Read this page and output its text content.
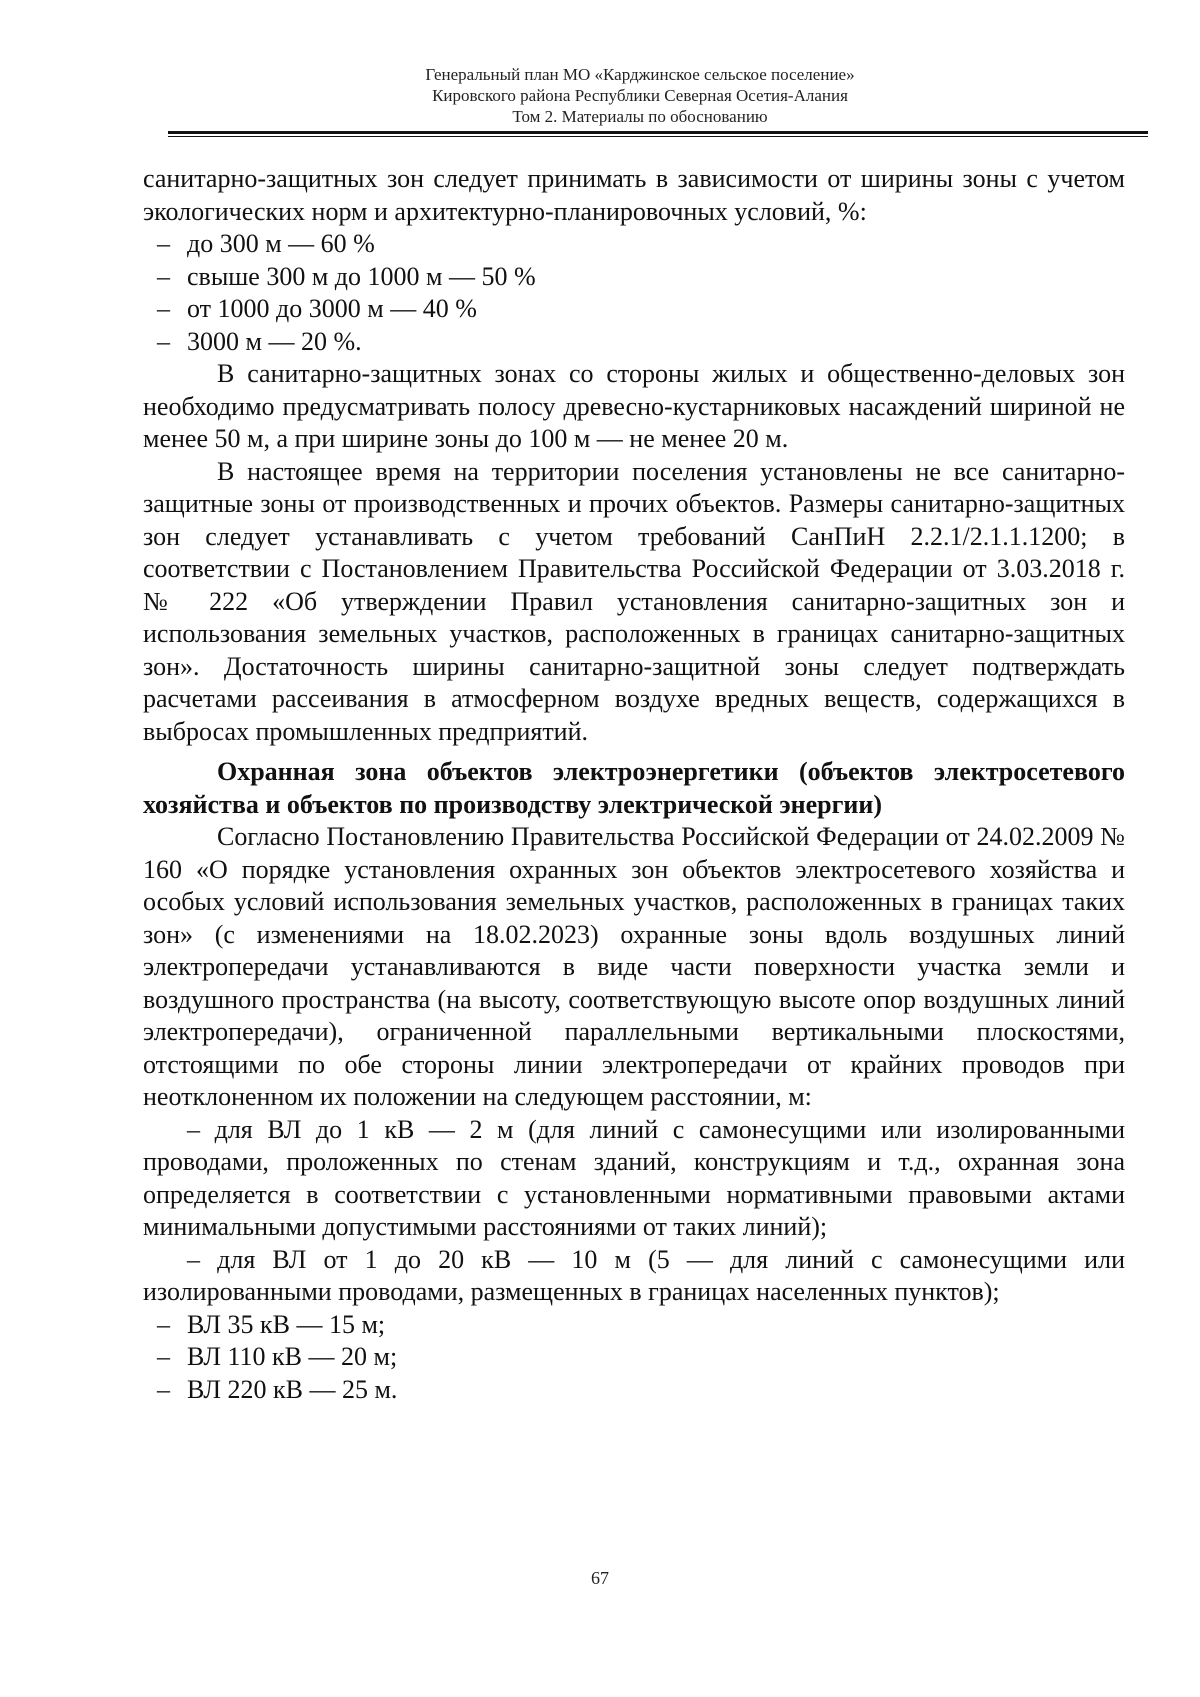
Генеральный план МО «Карджинское сельское поселение»
Кировского района Республики Северная Осетия-Алания
Том 2. Материалы по обоснованию

санитарно-защитных зон следует принимать в зависимости от ширины зоны с учетом экологических норм и архитектурно-планировочных условий, %:

– до 300 м — 60 %
– свыше 300 м до 1000 м — 50 %
– от 1000 до 3000 м — 40 %
– 3000 м — 20 %.

В санитарно-защитных зонах со стороны жилых и общественно-деловых зон необходимо предусматривать полосу древесно-кустарниковых насаждений шириной не менее 50 м, а при ширине зоны до 100 м — не менее 20 м.

В настоящее время на территории поселения установлены не все санитарно-защитные зоны от производственных и прочих объектов. Размеры санитарно-защитных зон следует устанавливать с учетом требований СанПиН 2.2.1/2.1.1.1200; в соответствии с Постановлением Правительства Российской Федерации от 3.03.2018 г. № 222 «Об утверждении Правил установления санитарно-защитных зон и использования земельных участков, расположенных в границах санитарно-защитных зон». Достаточность ширины санитарно-защитной зоны следует подтверждать расчетами рассеивания в атмосферном воздухе вредных веществ, содержащихся в выбросах промышленных предприятий.

Охранная зона объектов электроэнергетики (объектов электросетевого хозяйства и объектов по производству электрической энергии)

Согласно Постановлению Правительства Российской Федерации от 24.02.2009 № 160 «О порядке установления охранных зон объектов электросетевого хозяйства и особых условий использования земельных участков, расположенных в границах таких зон» (с изменениями на 18.02.2023) охранные зоны вдоль воздушных линий электропередачи устанавливаются в виде части поверхности участка земли и воздушного пространства (на высоту, соответствующую высоте опор воздушных линий электропередачи), ограниченной параллельными вертикальными плоскостями, отстоящими по обе стороны линии электропередачи от крайних проводов при неотклоненном их положении на следующем расстоянии, м:

– для ВЛ до 1 кВ — 2 м (для линий с самонесущими или изолированными проводами, проложенных по стенам зданий, конструкциям и т.д., охранная зона определяется в соответствии с установленными нормативными правовыми актами минимальными допустимыми расстояниями от таких линий);

– для ВЛ от 1 до 20 кВ — 10 м (5 — для линий с самонесущими или изолированными проводами, размещенных в границах населенных пунктов);

– ВЛ 35 кВ — 15 м;
– ВЛ 110 кВ — 20 м;
– ВЛ 220 кВ — 25 м.
67
